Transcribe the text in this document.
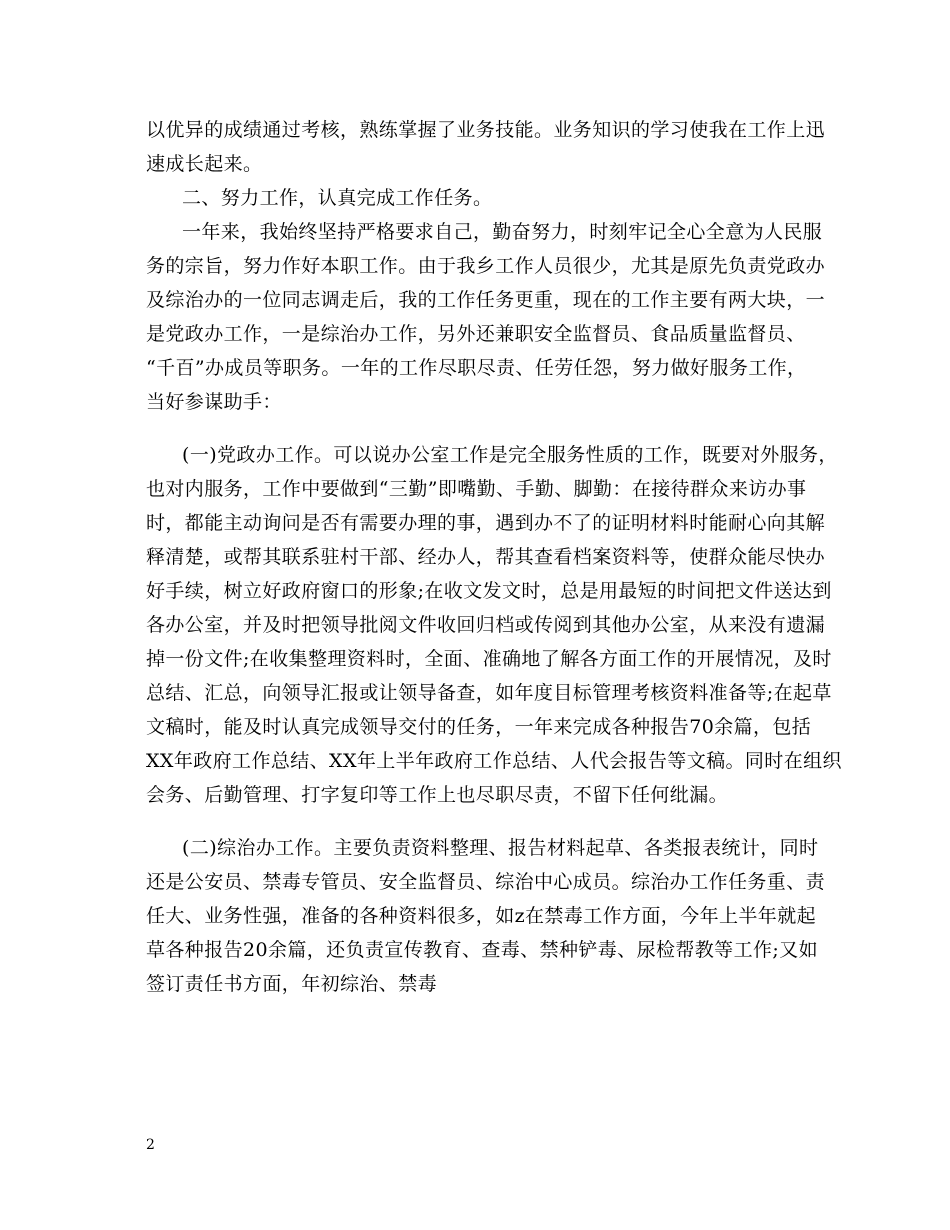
以优异的成绩通过考核，熟练掌握了业务技能。业务知识的学习使我在工作上迅
速成长起来。
二、努力工作，认真完成工作任务。
一年来，我始终坚持严格要求自己，勤奋努力，时刻牢记全心全意为人民服
务的宗旨，努力作好本职工作。由于我乡工作人员很少，尤其是原先负责党政办
及综治办的一位同志调走后，我的工作任务更重，现在的工作主要有两大块，一
是党政办工作，一是综治办工作，另外还兼职安全监督员、食品质量监督员、
“千百”办成员等职务。一年的工作尽职尽责、任劳任怨，努力做好服务工作，
当好参谋助手：
(一)党政办工作。可以说办公室工作是完全服务性质的工作，既要对外服务，
也对内服务，工作中要做到“三勤”即嘴勤、手勤、脚勤：在接待群众来访办事
时，都能主动询问是否有需要办理的事，遇到办不了的证明材料时能耐心向其解
释清楚，或帮其联系驻村干部、经办人，帮其查看档案资料等，使群众能尽快办
好手续，树立好政府窗口的形象;在收文发文时，总是用最短的时间把文件送达到
各办公室，并及时把领导批阅文件收回归档或传阅到其他办公室，从来没有遗漏
掉一份文件;在收集整理资料时，全面、准确地了解各方面工作的开展情况，及时
总结、汇总，向领导汇报或让领导备查，如年度目标管理考核资料准备等;在起草
文稿时，能及时认真完成领导交付的任务，一年来完成各种报告70余篇，包括
XX年政府工作总结、XX年上半年政府工作总结、人代会报告等文稿。同时在组织
会务、后勤管理、打字复印等工作上也尽职尽责，不留下任何纰漏。
(二)综治办工作。主要负责资料整理、报告材料起草、各类报表统计，同时
还是公安员、禁毒专管员、安全监督员、综治中心成员。综治办工作任务重、责
任大、业务性强，准备的各种资料很多，如z在禁毒工作方面，今年上半年就起
草各种报告20余篇，还负责宣传教育、查毒、禁种铲毒、尿检帮教等工作;又如
签订责任书方面，年初综治、禁毒
2
